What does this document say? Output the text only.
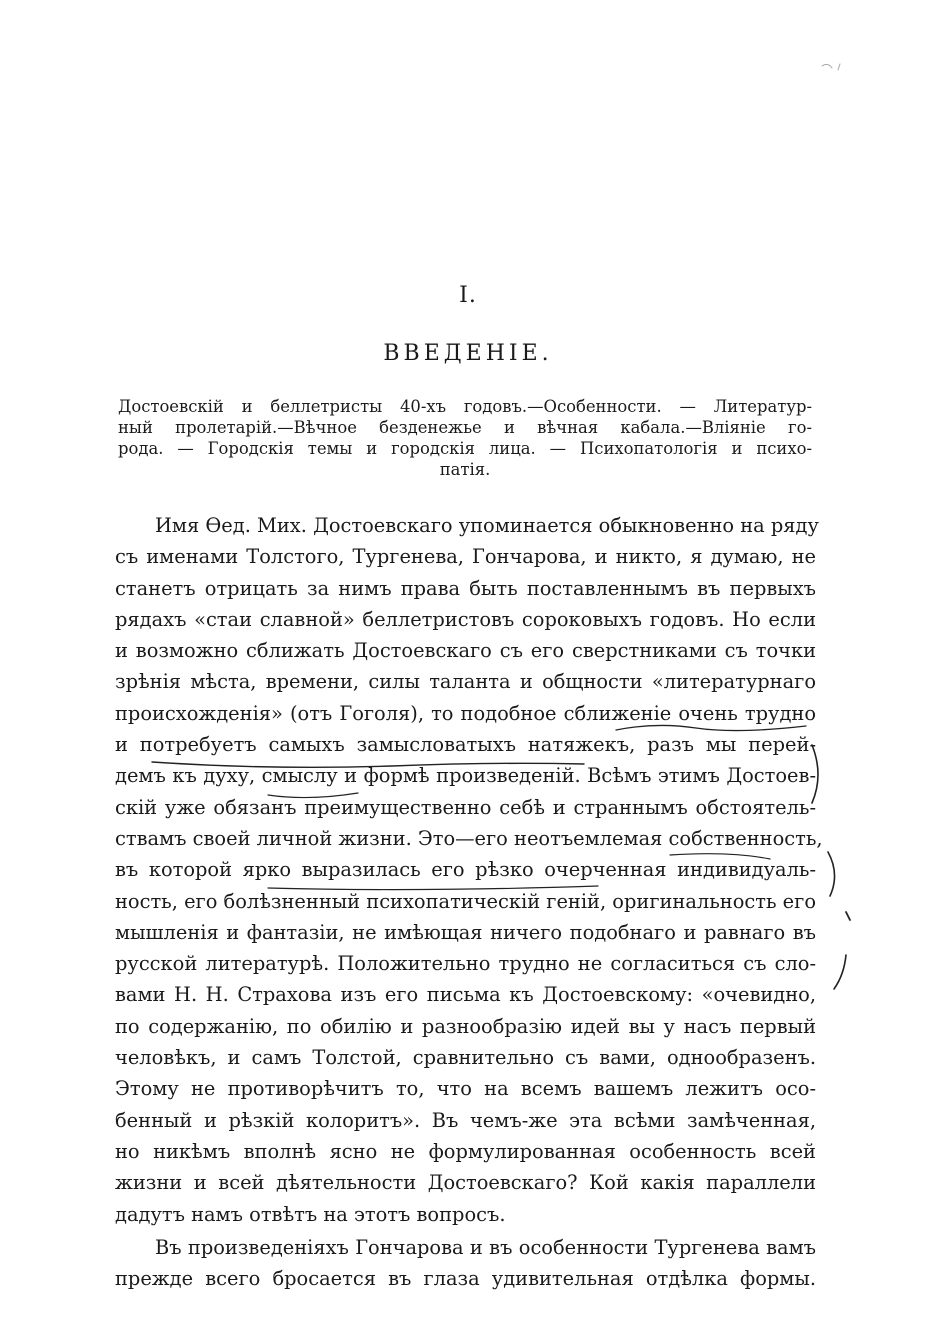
I.
ВВЕДЕНІЕ.
Достоевскій и беллетристы 40-хъ годовъ.—Особенности. — Литератур-
ный пролетарій.—Вѣчное безденежье и вѣчная кабала.—Вліяніе го-
рода. — Городскія темы и городскія лица. — Психопатологія и психо-
патія.
Имя Ѳед. Мих. Достоевскаго упоминается обыкновенно на ряду
съ именами Толстого, Тургенева, Гончарова, и никто, я думаю, не
станетъ отрицать за нимъ права быть поставленнымъ въ первыхъ
рядахъ «стаи славной» беллетристовъ сороковыхъ годовъ. Но если
и возможно сближать Достоевскаго съ его сверстниками съ точки
зрѣнія мѣста, времени, силы таланта и общности «литературнаго
происхожденія» (отъ Гоголя), то подобное сближеніе очень трудно
и потребуетъ самыхъ замысловатыхъ натяжекъ, разъ мы перей-
демъ къ духу, смыслу и формѣ произведеній. Всѣмъ этимъ Достоев-
скій уже обязанъ преимущественно себѣ и страннымъ обстоятель-
ствамъ своей личной жизни. Это—его неотъемлемая собственность,
въ которой ярко выразилась его рѣзко очерченная индивидуаль-
ность, его болѣзненный психопатическій геній, оригинальность его
мышленія и фантазіи, не имѣющая ничего подобнаго и равнаго въ
русской литературѣ. Положительно трудно не согласиться съ сло-
вами Н. Н. Страхова изъ его письма къ Достоевскому: «очевидно,
по содержанію, по обилію и разнообразію идей вы у насъ первый
человѣкъ, и самъ Толстой, сравнительно съ вами, однообразенъ.
Этому не противорѣчитъ то, что на всемъ вашемъ лежитъ осо-
бенный и рѣзкій колоритъ». Въ чемъ-же эта всѣми замѣченная,
но никѣмъ вполнѣ ясно не формулированная особенность всей
жизни и всей дѣятельности Достоевскаго? Кой какія параллели
дадутъ намъ отвѣтъ на этотъ вопросъ.
Въ произведеніяхъ Гончарова и въ особенности Тургенева вамъ
прежде всего бросается въ глаза удивительная отдѣлка формы.
